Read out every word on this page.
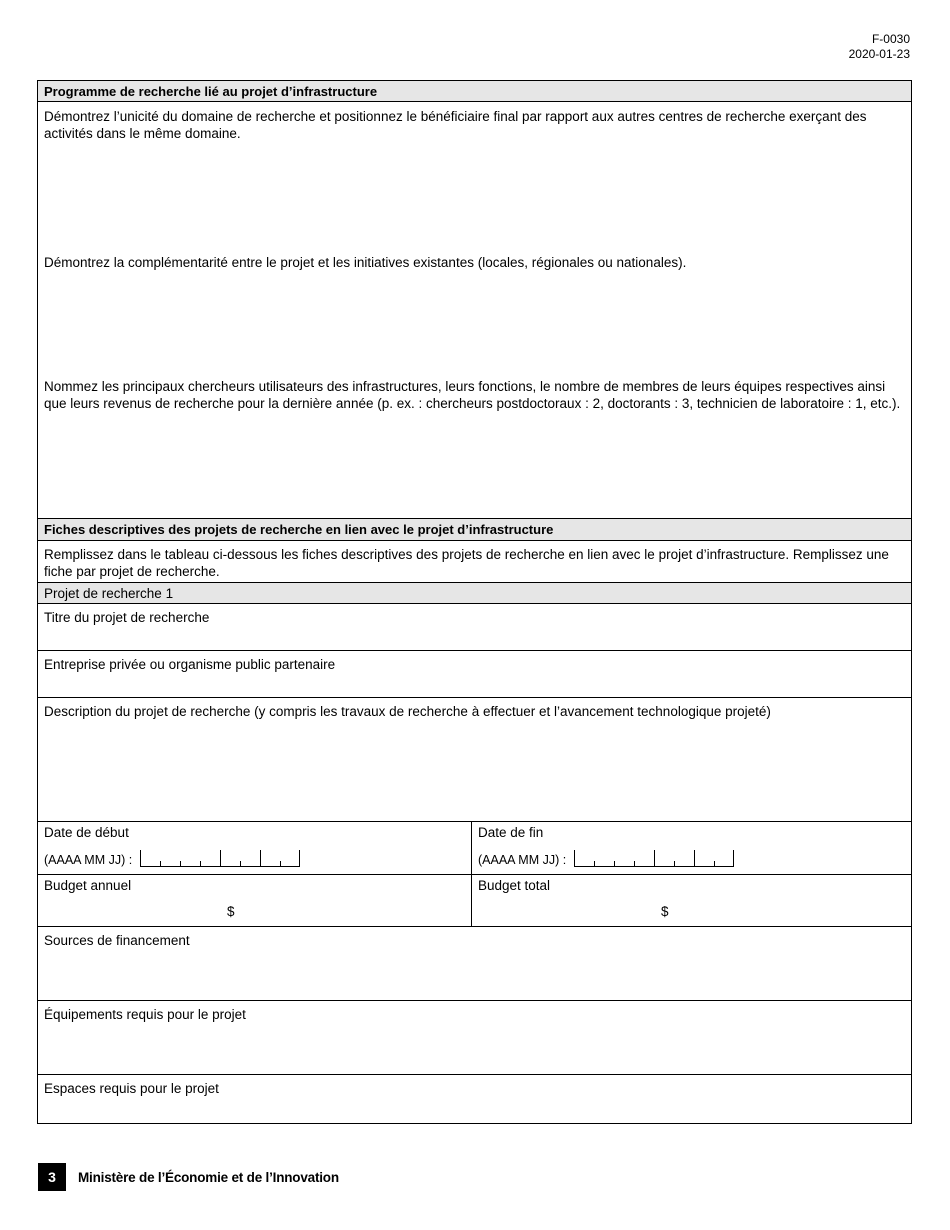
F-0030
2020-01-23
Programme de recherche lié au projet d’infrastructure
Démontrez l’unicité du domaine de recherche et positionnez le bénéficiaire final par rapport aux autres centres de recherche exerçant des activités dans le même domaine.
Démontrez la complémentarité entre le projet et les initiatives existantes (locales, régionales ou nationales).
Nommez les principaux chercheurs utilisateurs des infrastructures, leurs fonctions, le nombre de membres de leurs équipes respectives ainsi que leurs revenus de recherche pour la dernière année (p. ex. : chercheurs postdoctoraux : 2, doctorants : 3, technicien de laboratoire : 1, etc.).
Fiches descriptives des projets de recherche en lien avec le projet d’infrastructure
Remplissez dans le tableau ci-dessous les fiches descriptives des projets de recherche en lien avec le projet d’infrastructure. Remplissez une fiche par projet de recherche.
Projet de recherche 1
Titre du projet de recherche
Entreprise privée ou organisme public partenaire
Description du projet de recherche (y compris les travaux de recherche à effectuer et l’avancement technologique projeté)
Date de début
(AAAA MM JJ) :
Date de fin
(AAAA MM JJ) :
Budget annuel
$
Budget total
$
Sources de financement
Équipements requis pour le projet
Espaces requis pour le projet
3	Ministère de l’Économie et de l’Innovation
